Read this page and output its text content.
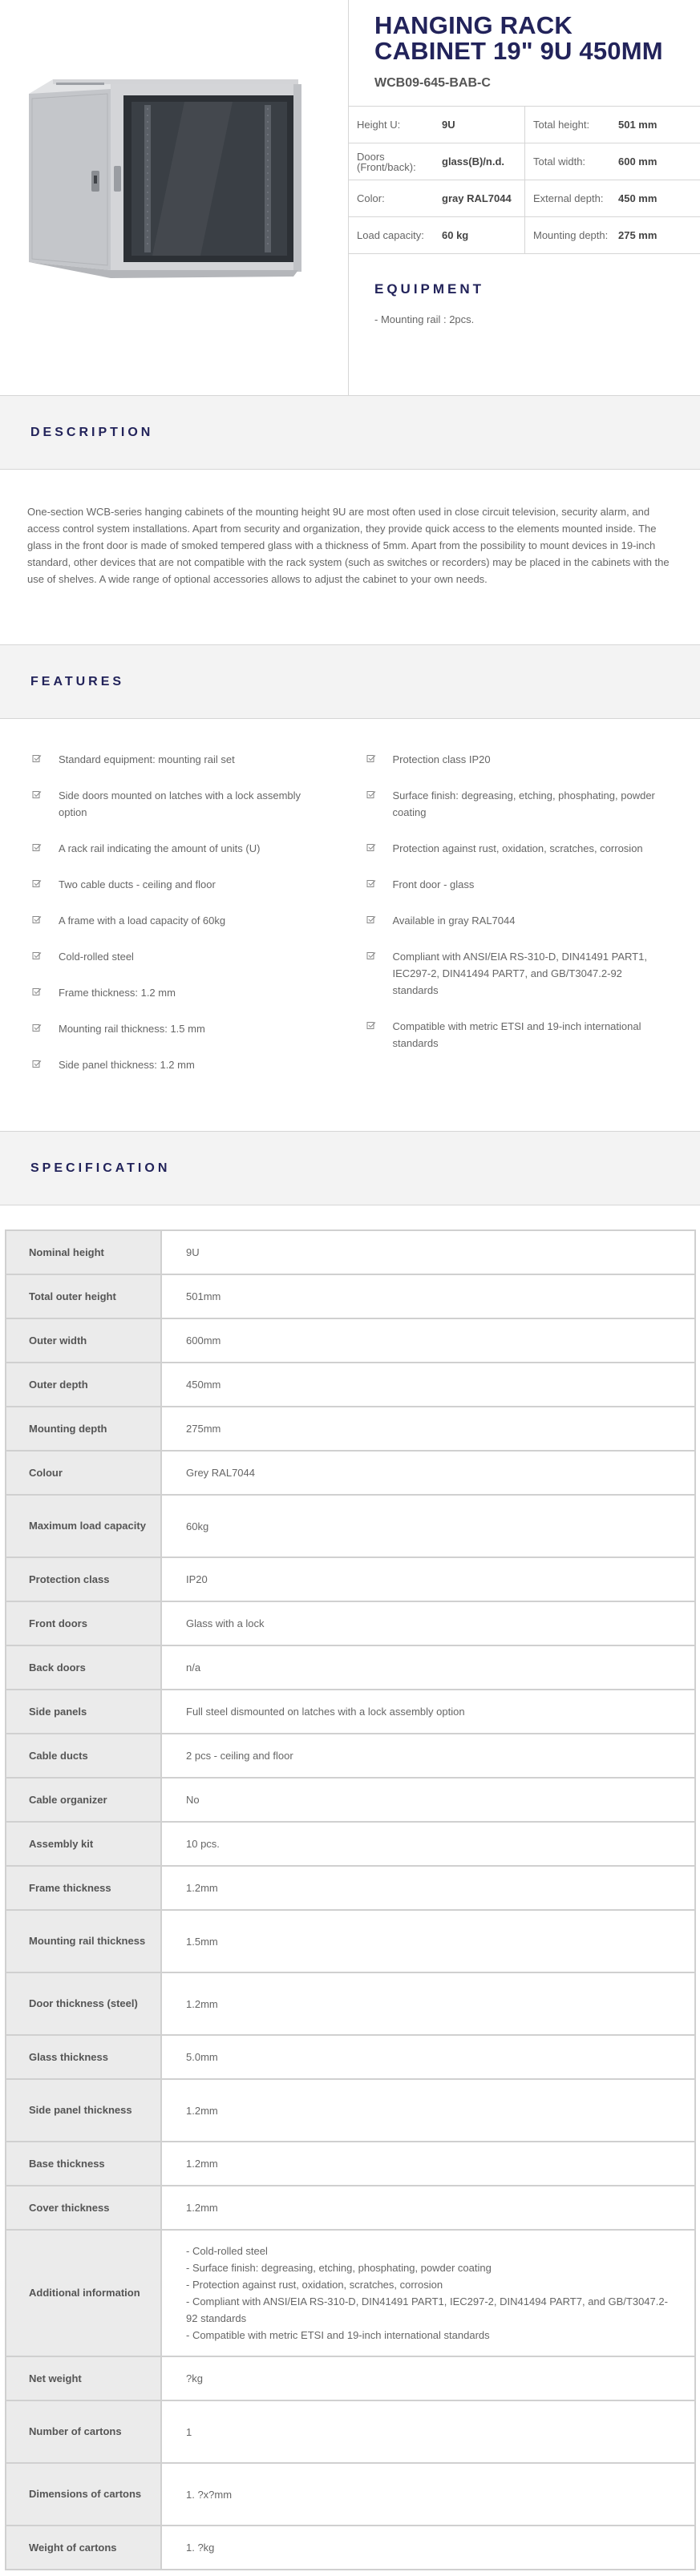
HANGING RACK CABINET 19" 9U 450MM
WCB09-645-BAB-C
Height U:	9U	Total height:	501 mm
Doors (Front/back):	glass(B)/n.d.	Total width:	600 mm
Color:	gray RAL7044 External depth:	450 mm
Load capacity:	60 kg	Mounting depth: 275 mm
EQUIPMENT
- Mounting rail : 2pcs.
DESCRIPTION
One-section WCB-series hanging cabinets of the mounting height 9U are most often used in close circuit television, security alarm, and access control system installations. Apart from security and organization, they provide quick access to the elements mounted inside. The glass in the front door is made of smoked tempered glass with a thickness of 5mm. Apart from the possibility to mount devices in 19-inch standard, other devices that are not compatible with the rack system (such as switches or recorders) may be placed in the cabinets with the use of shelves. A wide range of optional accessories allows to adjust the cabinet to your own needs.
FEATURES
Standard equipment: mounting rail set
Side doors mounted on latches with a lock assembly option
A rack rail indicating the amount of units (U)
Two cable ducts - ceiling and floor
A frame with a load capacity of 60kg
Cold-rolled steel
Frame thickness: 1.2 mm
Mounting rail thickness: 1.5 mm
Side panel thickness: 1.2 mm
Protection class IP20
Surface finish: degreasing, etching, phosphating, powder coating
Protection against rust, oxidation, scratches, corrosion
Front door - glass
Available in gray RAL7044
Compliant with ANSI/EIA RS-310-D, DIN41491 PART1, IEC297-2, DIN41494 PART7, and GB/T3047.2-92 standards
Compatible with metric ETSI and 19-inch international standards
SPECIFICATION
Nominal height	9U
Total outer height	501mm
Outer width	600mm
Outer depth	450mm
Mounting depth	275mm
Colour	Grey RAL7044
Maximum load capacity	60kg
Protection class	IP20
Front doors	Glass with a lock
Back doors	n/a
Side panels	Full steel dismounted on latches with a lock assembly option
Cable ducts	2 pcs - ceiling and floor
Cable organizer	No
Assembly kit	10 pcs.
Frame thickness	1.2mm
Mounting rail thickness	1.5mm
Door thickness (steel)	1.2mm
Glass thickness	5.0mm
Side panel thickness	1.2mm
Base thickness	1.2mm
Cover thickness	1.2mm
Additional information	- Cold-rolled steel
- Surface finish: degreasing, etching, phosphating, powder coating
- Protection against rust, oxidation, scratches, corrosion
- Compliant with ANSI/EIA RS-310-D, DIN41491 PART1, IEC297-2, DIN41494 PART7, and GB/T3047.2-92 standards
- Compatible with metric ETSI and 19-inch international standards
Net weight	?kg
Number of cartons	1
Dimensions of cartons	1. ?x?mm
Weight of cartons	1. ?kg
